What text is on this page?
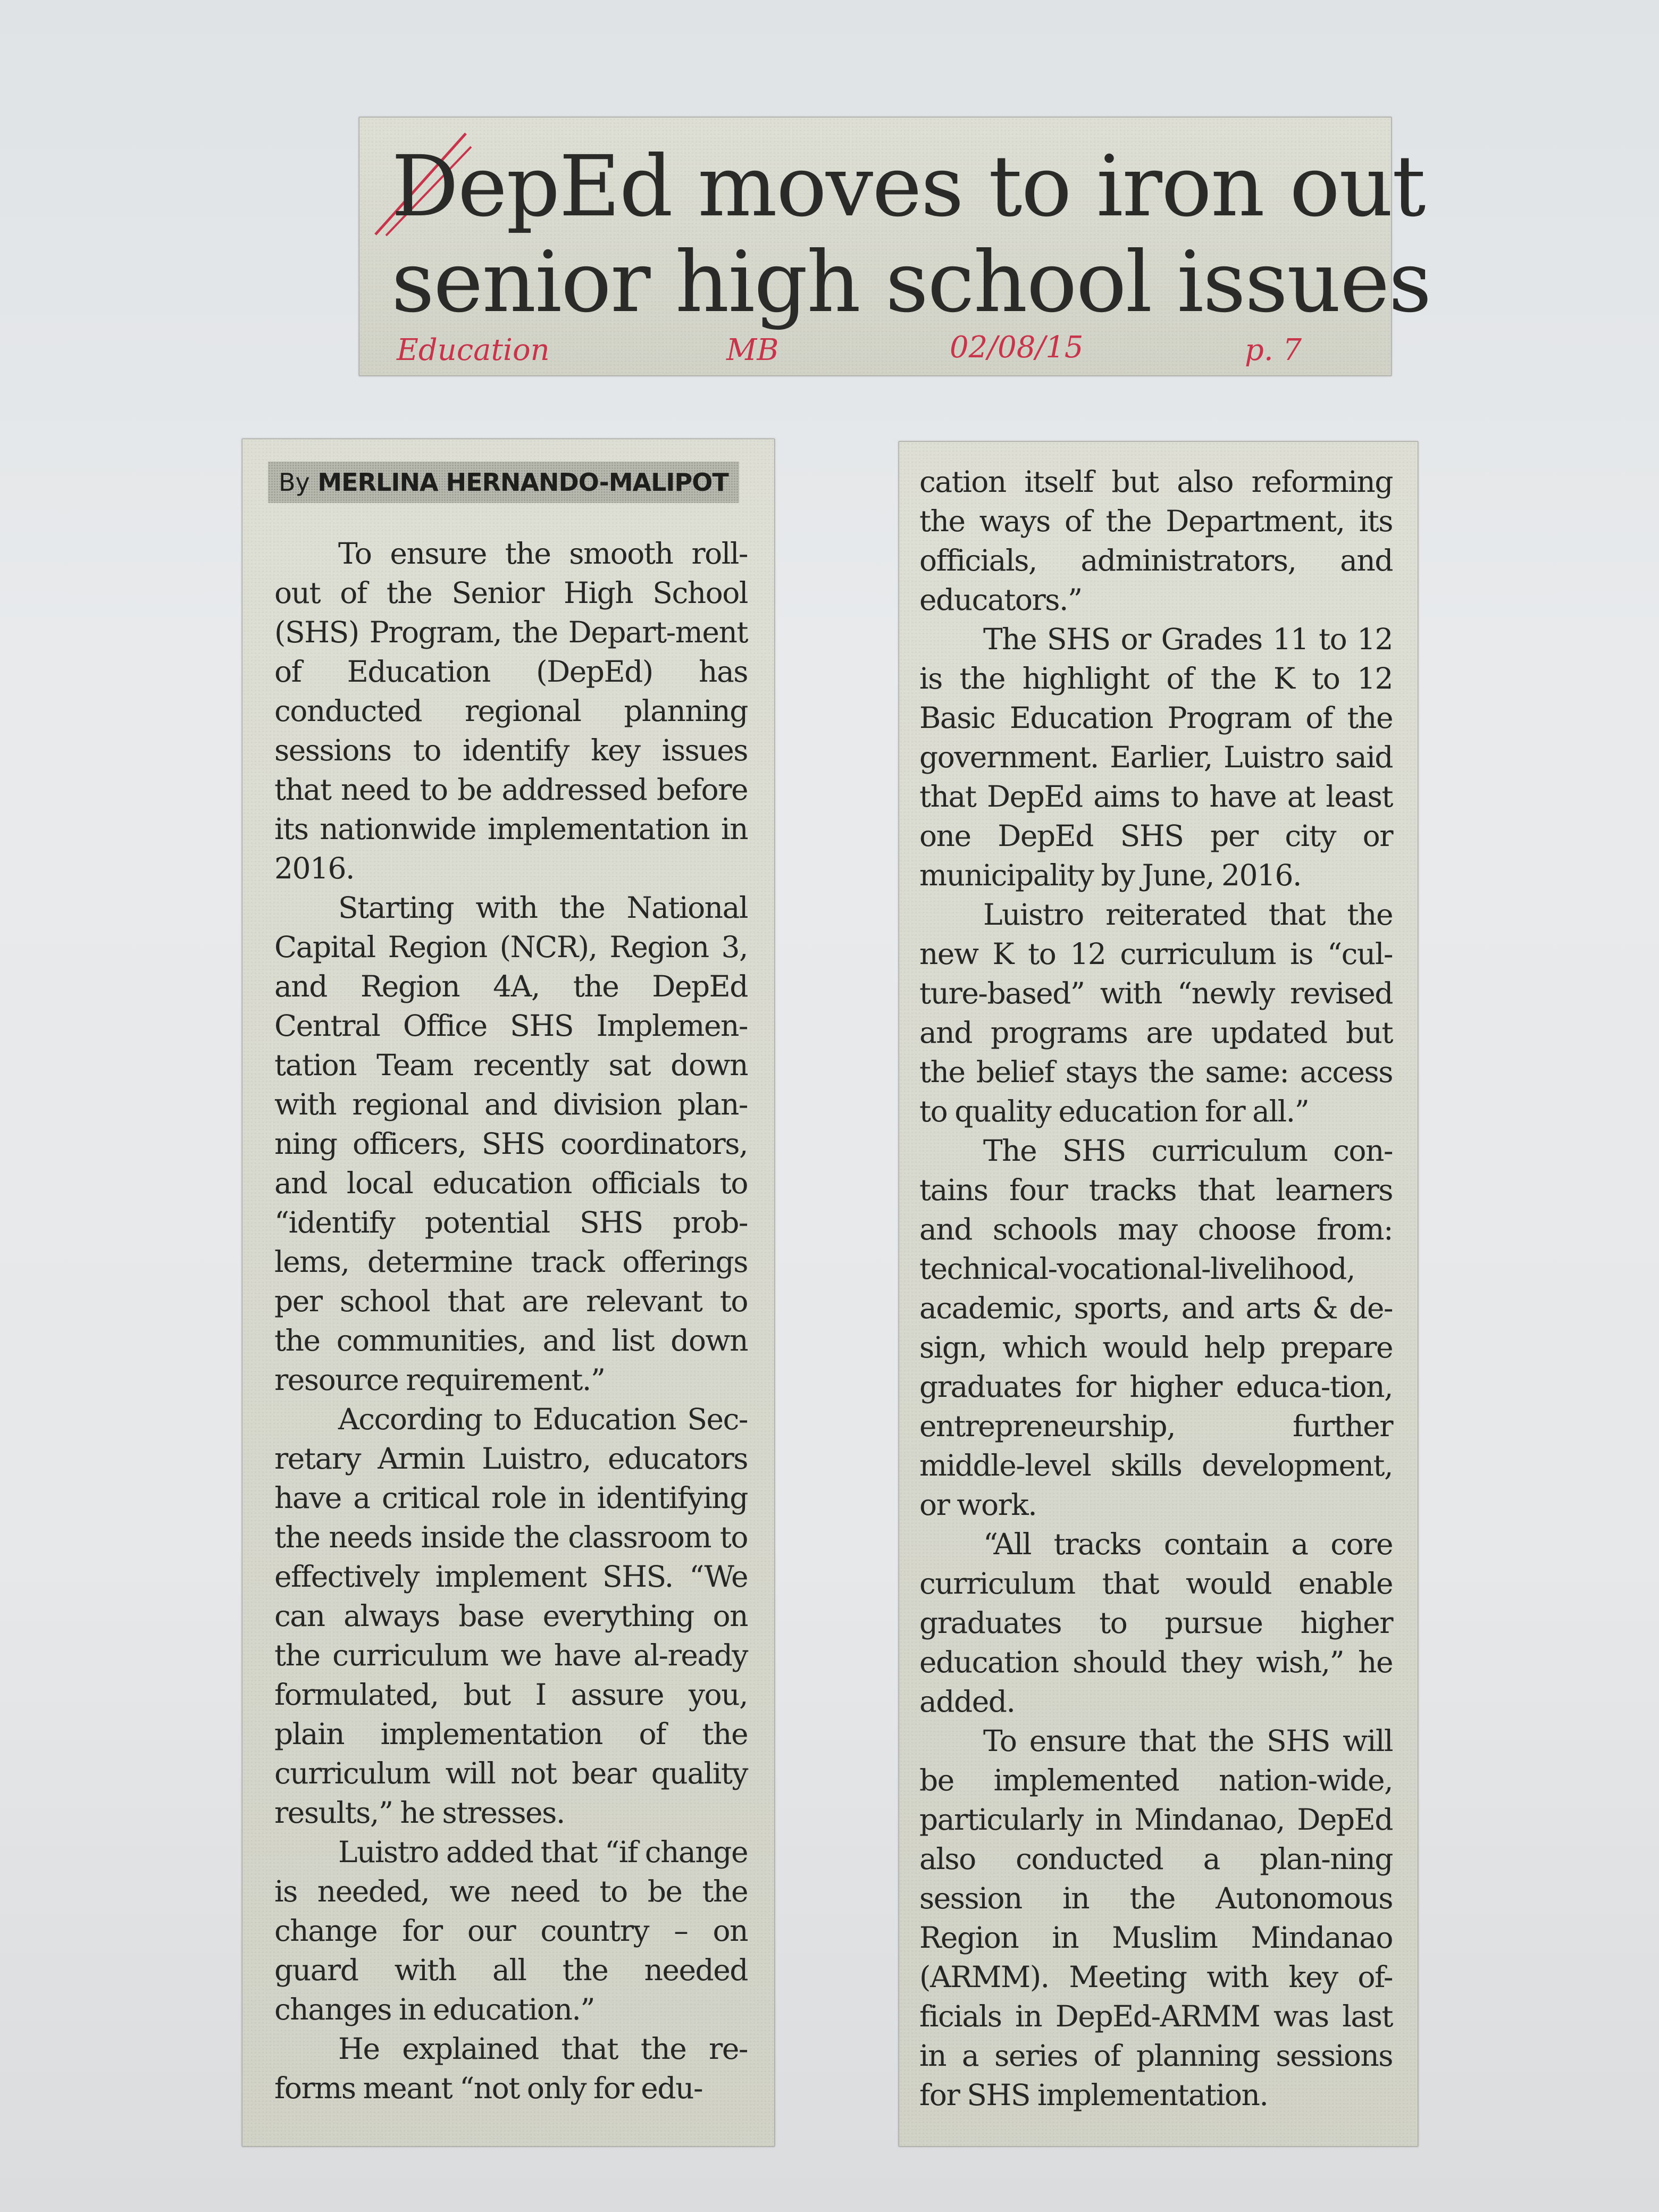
DepEd moves to iron out
senior high school issues
Education	MB	02/08/15	p. 7
By MERLINA HERNANDO-MALIPOT

To ensure the smooth roll-out of the Senior High School (SHS) Program, the Depart-ment of Education (DepEd) has conducted regional planning sessions to identify key issues that need to be addressed before its nationwide implementation in 2016.

Starting with the National Capital Region (NCR), Region 3, and Region 4A, the DepEd Central Office SHS Implemen-tation Team recently sat down with regional and division plan-ning officers, SHS coordinators, and local education officials to “identify potential SHS prob-lems, determine track offerings per school that are relevant to the communities, and list down resource requirement.”

According to Education Sec-retary Armin Luistro, educators have a critical role in identifying the needs inside the classroom to effectively implement SHS. “We can always base everything on the curriculum we have al-ready formulated, but I assure you, plain implementation of the curriculum will not bear quality results,” he stresses.

Luistro added that “if change is needed, we need to be the change for our country – on guard with all the needed changes in education.”

He explained that the re-forms meant “not only for edu-

cation itself but also reforming the ways of the Department, its officials, administrators, and educators.”

The SHS or Grades 11 to 12 is the highlight of the K to 12 Basic Education Program of the government. Earlier, Luistro said that DepEd aims to have at least one DepEd SHS per city or municipality by June, 2016.

Luistro reiterated that the new K to 12 curriculum is “cul-ture-based” with “newly revised and programs are updated but the belief stays the same: access to quality education for all.”

The SHS curriculum con-tains four tracks that learners and schools may choose from: technical-vocational-livelihood, academic, sports, and arts & de-sign, which would help prepare graduates for higher educa-tion, entrepreneurship, further middle-level skills development, or work.

“All tracks contain a core curriculum that would enable graduates to pursue higher education should they wish,” he added.

To ensure that the SHS will be implemented nation-wide, particularly in Mindanao, DepEd also conducted a plan-ning session in the Autonomous Region in Muslim Mindanao (ARMM). Meeting with key of-ficials in DepEd-ARMM was last in a series of planning sessions for SHS implementation.
